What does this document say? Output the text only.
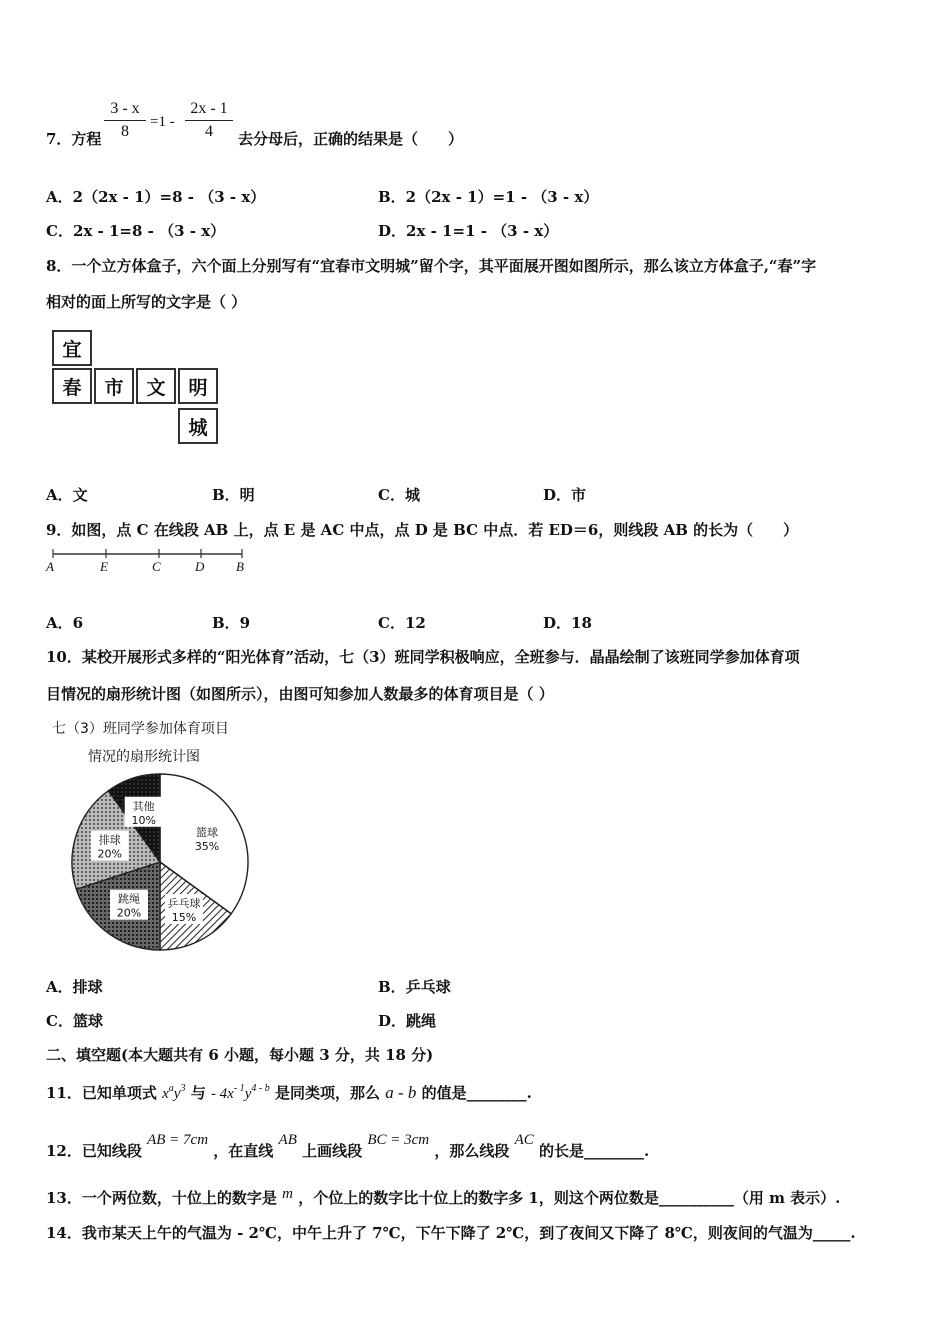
7．方程
3 - x
8
=1 -
2x - 1
4	去分母后，正确的结果是（　　）
A．2（2x - 1）=8 - （3 - x）	B．2（2x - 1）=1 - （3 - x）
C．2x - 1=8 - （3 - x）	D．2x - 1=1 - （3 - x）
8．一个立方体盒子，六个面上分别写有“宜春市文明城”留个字，其平面展开图如图所示，那么该立方体盒子,“春”字
相对的面上所写的文字是（ ）
宜
春	市	文	明
城
A．文	B．明	C．城	D．市
9．如图，点 C 在线段 AB 上，点 E 是 AC 中点，点 D 是 BC 中点．若 ED＝6，则线段 AB 的长为（　　）
A	E	C	D B
A．6	B．9	C．12	D．18
10．某校开展形式多样的“阳光体育”活动，七（3）班同学积极响应，全班参与．晶晶绘制了该班同学参加体育项
目情况的扇形统计图（如图所示），由图可知参加人数最多的体育项目是（ ）
七（3）班同学参加体育项目
情况的扇形统计图
篮球
35%
乒乓球
15%
跳绳
20%
排球
20%
其他
10%
A．排球	B．乒乓球
C．篮球	D．跳绳
二、填空题(本大题共有 6 小题，每小题 3 分，共 18 分)
11．已知单项式 $x^ay^3$ 与 - $4x^{- 1}y^{4 - b}$ 是同类项，那么 a - b 的值是________.
12．已知线段 AB = 7cm ，在直线 AB 上画线段 BC = 3cm ，那么线段 AC 的长是________.
13．一个两位数，十位上的数字是 m ，个位上的数字比十位上的数字多 1，则这个两位数是__________（用 m 表示）.
14．我市某天上午的气温为 - 2℃，中午上升了 7℃，下午下降了 2℃，到了夜间又下降了 8℃，则夜间的气温为_____.
